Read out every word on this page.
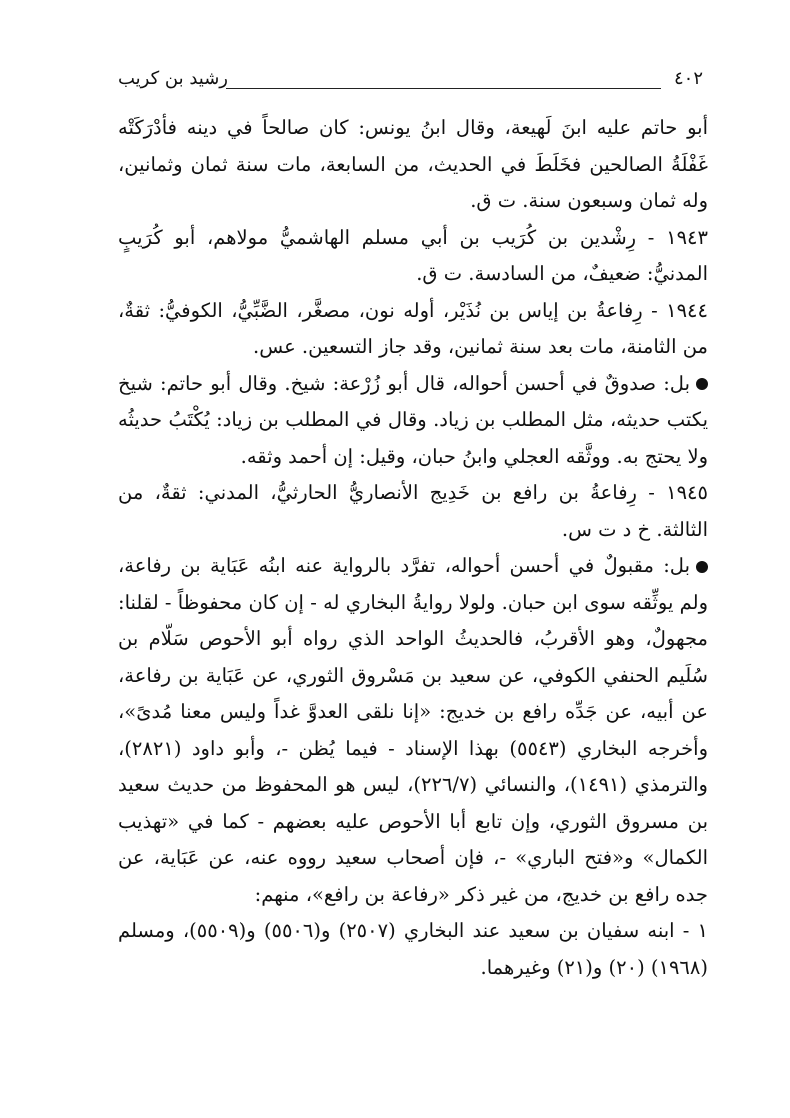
٤٠٢
رشيد بن كريب

أبو حاتم عليه ابنَ لَهيعة، وقال ابنُ يونس: كان صالحاً في دينه فأدْرَكَتْه غَفْلَةُ الصالحين فخَلَطَ في الحديث، من السابعة، مات سنة ثمان وثمانين، وله ثمان وسبعون سنة. ت ق.

١٩٤٣ - رِشْدين بن كُرَيب بن أبي مسلم الهاشميُّ مولاهم، أبو كُرَيبٍ المدنيُّ: ضعيفٌ، من السادسة. ت ق.

١٩٤٤ - رِفاعةُ بن إياس بن نُذَيْر، أوله نون، مصغَّر، الضَّبِّيُّ، الكوفيُّ: ثقةٌ، من الثامنة، مات بعد سنة ثمانين، وقد جاز التسعين. عس.

بل: صدوقٌ في أحسن أحواله، قال أبو زُرْعة: شيخ. وقال أبو حاتم: شيخ يكتب حديثه، مثل المطلب بن زياد. وقال في المطلب بن زياد: يُكْتَبُ حديثُه ولا يحتج به. ووثَّقه العجلي وابنُ حبان، وقيل: إن أحمد وثقه.

١٩٤٥ - رِفاعةُ بن رافع بن خَدِيج الأنصاريُّ الحارثيُّ، المدني: ثقةٌ، من الثالثة. خ د ت س.

بل: مقبولٌ في أحسن أحواله، تفرَّد بالرواية عنه ابنُه عَبَاية بن رفاعة، ولم يوثِّقه سوى ابن حبان. ولولا روايةُ البخاري له - إن كان محفوظاً - لقلنا: مجهولٌ، وهو الأقربُ، فالحديثُ الواحد الذي رواه أبو الأحوص سَلّام بن سُلَيم الحنفي الكوفي، عن سعيد بن مَسْروق الثوري، عن عَبَاية بن رفاعة، عن أبيه، عن جَدِّه رافع بن خديج: «إنا نلقى العدوَّ غداً وليس معنا مُدىً»، وأخرجه البخاري (٥٥٤٣) بهذا الإسناد - فيما يُظن -، وأبو داود (٢٨٢١)، والترمذي (١٤٩١)، والنسائي (٢٢٦/٧)، ليس هو المحفوظ من حديث سعيد بن مسروق الثوري، وإن تابع أبا الأحوص عليه بعضهم - كما في «تهذيب الكمال» و«فتح الباري» -، فإن أصحاب سعيد رووه عنه، عن عَبَاية، عن جده رافع بن خديج، من غير ذكر «رفاعة بن رافع»، منهم:

١ - ابنه سفيان بن سعيد عند البخاري (٢٥٠٧) و(٥٥٠٦) و(٥٥٠٩)، ومسلم (١٩٦٨) (٢٠) و(٢١) وغيرهما.
